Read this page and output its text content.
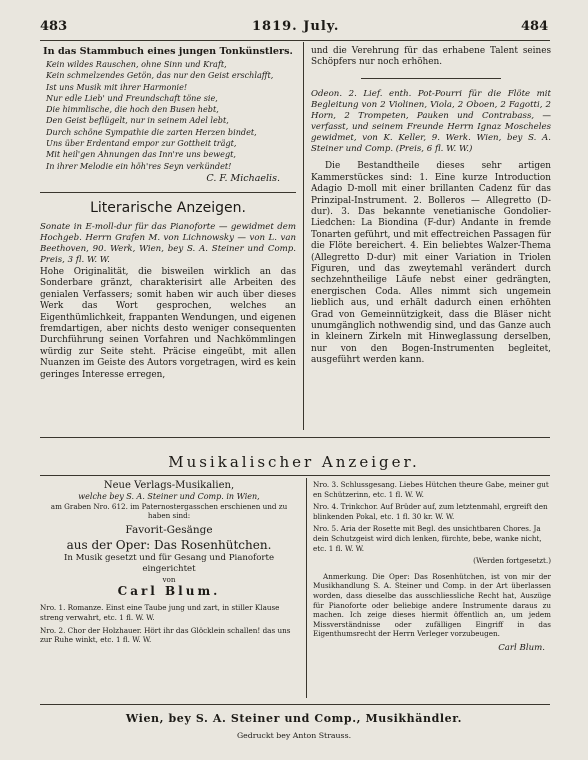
483	1819. July.	484
In das Stammbuch eines jungen Tonkünstlers.
Kein wildes Rauschen, ohne Sinn und Kraft,
Kein schmelzendes Getön, das nur den Geist erschlafft,
Ist uns Musik mit ihrer Harmonie!
Nur edle Lieb' und Freundschaft töne sie,
Die himmlische, die hoch den Busen hebt,
Den Geist beflügelt, nur in seinem Adel lebt,
Durch schöne Sympathie die zarten Herzen bindet,
Uns über Erdentand empor zur Gottheit trägt,
Mit heil'gen Ahnungen das Inn're uns bewegt,
In ihrer Melodie ein höh'res Seyn verkündet!
C. F. Michaelis.
Literarische Anzeigen.
Sonate in E-moll-dur für das Pianoforte — gewidmet dem Hochgeb. Herrn Grafen M. von Lichnowsky — von L. van Beethoven, 90. Werk, Wien, bey S. A. Steiner und Comp. Preis, 3 fl. W. W.
Hohe Originalität, die bisweilen wirklich an das Sonderbare gränzt, charakterisirt alle Arbeiten des genialen Verfassers; somit haben wir auch über dieses Werk das Wort gesprochen, welches an Eigenthümlichkeit, frappanten Wendungen, und eigenen fremdartigen, aber nichts desto weniger consequenten Durchführung seinen Vorfahren und Nachkömmlingen würdig zur Seite steht. Präcise eingeübt, mit allen Nuanzen im Geiste des Autors vorgetragen, wird es kein geringes Interesse erregen,
und die Verehrung für das erhabene Talent seines Schöpfers nur noch erhöhen.
Odeon. 2. Lief. enth. Pot-Pourri für die Flöte mit Begleitung von 2 Violinen, Viola, 2 Oboen, 2 Fagotti, 2 Horn, 2 Trompeten, Pauken und Contrabass, — verfasst, und seinem Freunde Herrn Ignaz Moscheles gewidmet, von K. Keller, 9. Werk. Wien, bey S. A. Steiner und Comp. (Preis, 6 fl. W. W.)
Die Bestandtheile dieses sehr artigen Kammerstückes sind: 1. Eine kurze Introduction Adagio D-moll mit einer brillanten Cadenz für das Prinzipal-Instrument. 2. Bolleros — Allegretto (D-dur). 3. Das bekannte venetianische Gondolier-Liedchen: La Biondina (F-dur) Andante in fremde Tonarten geführt, und mit effectreichen Passagen für die Flöte bereichert. 4. Ein beliebtes Walzer-Thema (Allegretto D-dur) mit einer Variation in Triolen Figuren, und das zweytemahl verändert durch sechzehntheilige Läufe nebst einer gedrängten, energischen Coda. Alles nimmt sich ungemein lieblich aus, und erhält dadurch einen erhöhten Grad von Gemeinnützigkeit, dass die Bläser nicht unumgänglich nothwendig sind, und das Ganze auch in kleinern Zirkeln mit Hinweglassung derselben, nur von den Bogen-Instrumenten begleitet, ausgeführt werden kann.
Musikalischer Anzeiger.
Neue Verlags-Musikalien,
welche bey S. A. Steiner und Comp. in Wien,
am Graben Nro. 612. im Paternostergasschen erschienen und zu haben sind:
Favorit-Gesänge
aus der Oper: Das Rosenhütchen.
In Musik gesetzt und für Gesang und Pianoforte eingerichtet
von
Carl Blum.
Nro. 1. Romanze. Einst eine Taube jung und zart, in stiller Klause streng verwahrt, etc. 1 fl. W. W.
Nro. 2. Chor der Holzhauer. Hört ihr das Glöcklein schallen! das uns zur Ruhe winkt, etc. 1 fl. W. W.
Nro. 3. Schlussgesang. Liebes Hütchen theure Gabe, meiner gut en Schützerinn, etc. 1 fl. W. W.
Nro. 4. Trinkchor. Auf Brüder auf, zum letztenmahl, ergreift den blinkenden Pokal, etc. 1 fl. 30 kr. W. W.
Nro. 5. Aria der Rosette mit Begl. des unsichtbaren Chores. Ja dein Schutzgeist wird dich lenken, fürchte, bebe, wanke nicht, etc. 1 fl. W. W.
(Werden fortgesetzt.)
Anmerkung. Die Oper: Das Rosenhütchen, ist von mir der Musikhandlung S. A. Steiner und Comp. in der Art überlassen worden, dass dieselbe das ausschliessliche Recht hat, Auszüge für Pianoforte oder beliebige andere Instrumente daraus zu machen. Ich zeige dieses hiermit öffentlich an, um jedem Missverständnisse oder zufälligen Eingriff in das Eigenthumsrecht der Herrn Verleger vorzubeugen.
Carl Blum.
Wien, bey S. A. Steiner und Comp., Musikhändler.
Gedruckt bey Anton Strauss.
